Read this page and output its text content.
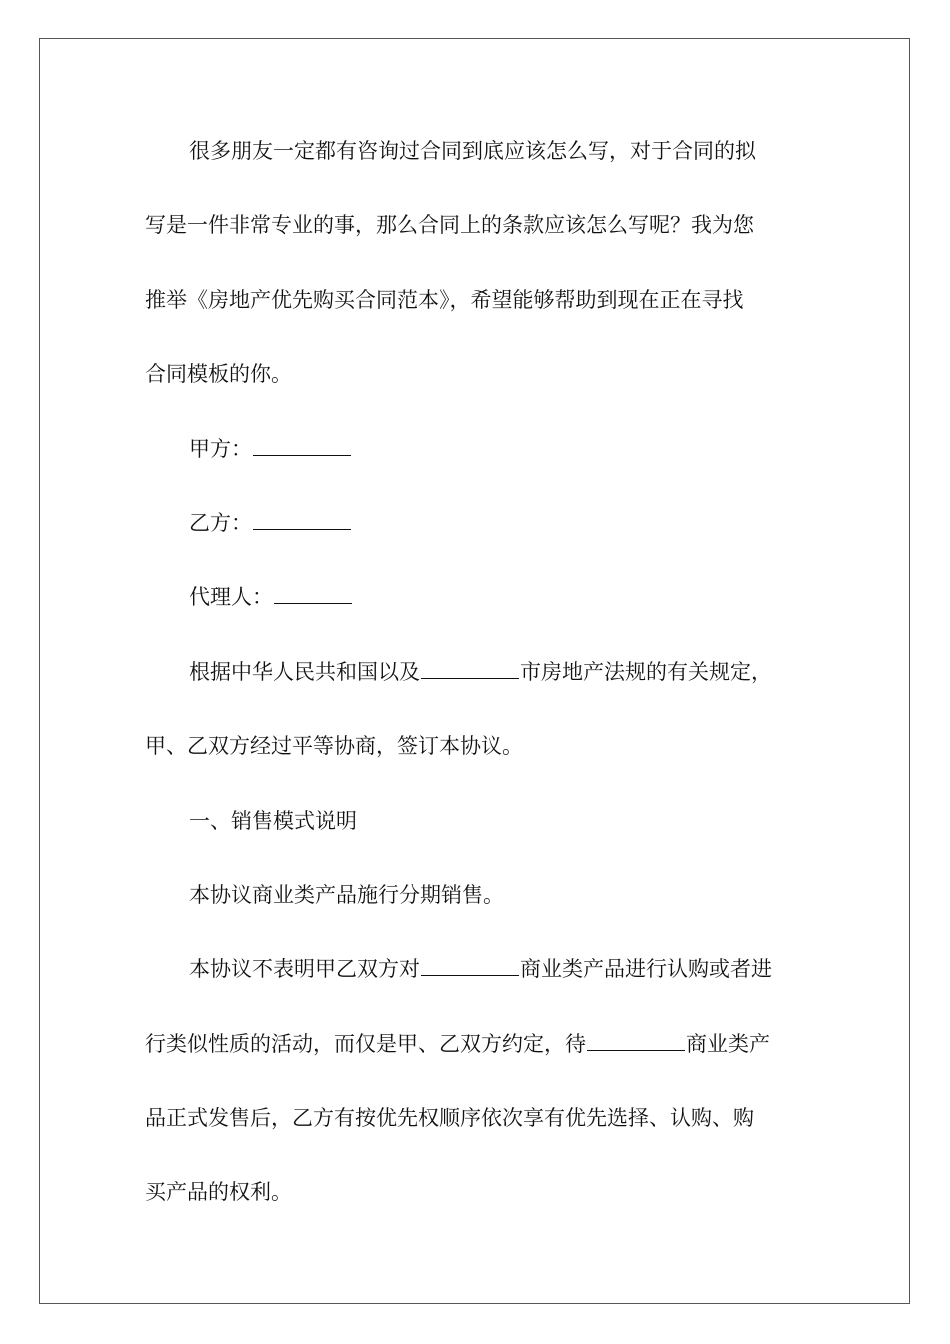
很多朋友一定都有咨询过合同到底应该怎么写，对于合同的拟
写是一件非常专业的事，那么合同上的条款应该怎么写呢？我为您
推举《房地产优先购买合同范本》，希望能够帮助到现在正在寻找
合同模板的你。
甲方：
乙方：
代理人：
根据中华人民共和国以及	市房地产法规的有关规定，
甲、乙双方经过平等协商，签订本协议。
一、销售模式说明
本协议商业类产品施行分期销售。
本协议不表明甲乙双方对	商业类产品进行认购或者进
行类似性质的活动，而仅是甲、乙双方约定，待	商业类产
品正式发售后，乙方有按优先权顺序依次享有优先选择、认购、购
买产品的权利。
